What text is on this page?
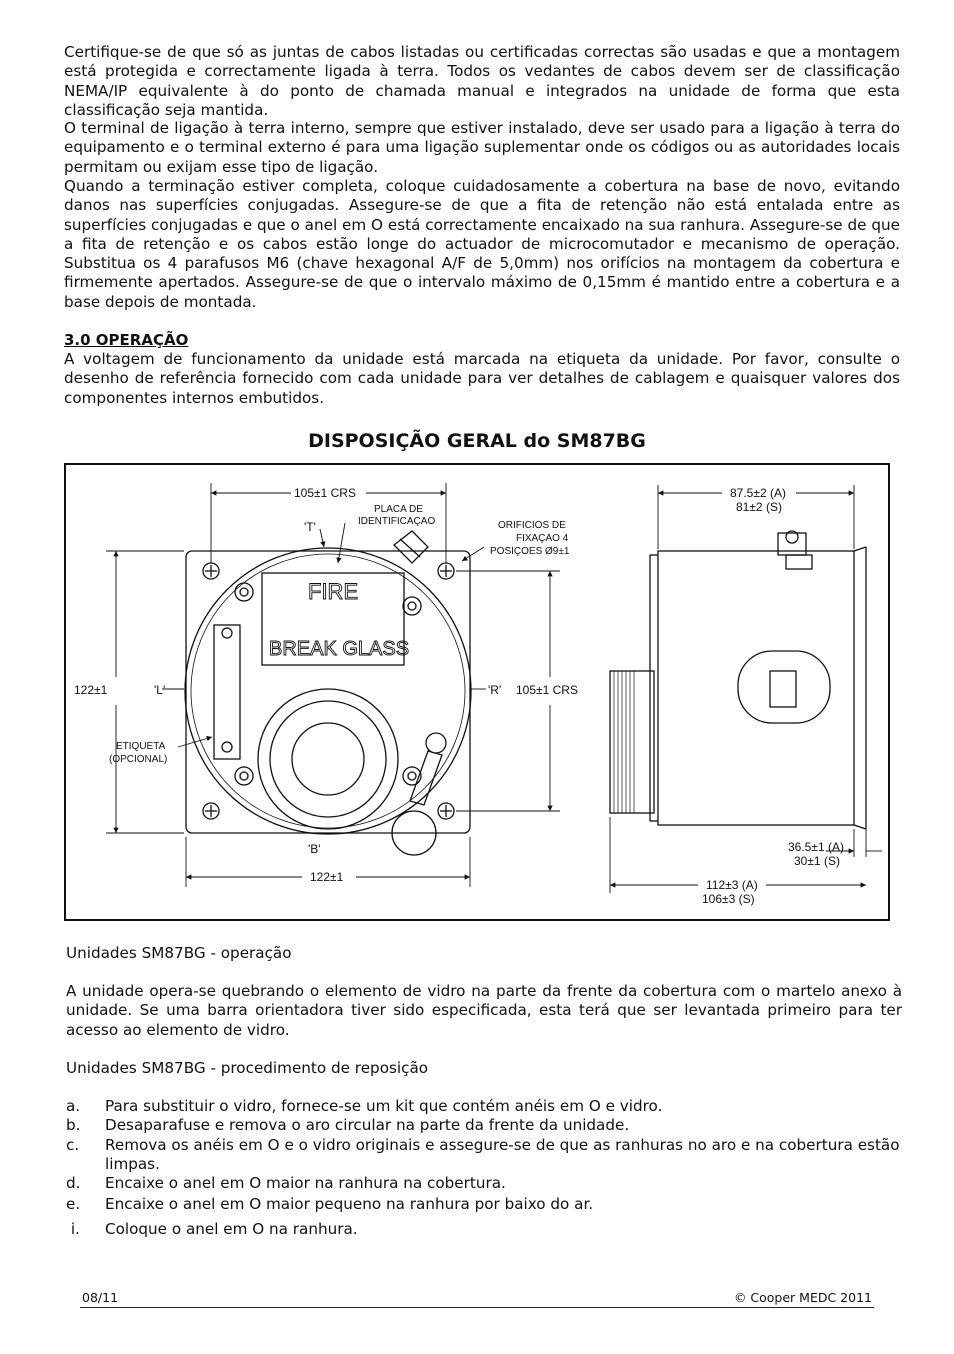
Certifique-se de que só as juntas de cabos listadas ou certificadas correctas são usadas e que a montagem está protegida e correctamente ligada à terra. Todos os vedantes de cabos devem ser de classificação NEMA/IP equivalente à do ponto de chamada manual e integrados na unidade de forma que esta classificação seja mantida.

O terminal de ligação à terra interno, sempre que estiver instalado, deve ser usado para a ligação à terra do equipamento e o terminal externo é para uma ligação suplementar onde os códigos ou as autoridades locais permitam ou exijam esse tipo de ligação.

Quando a terminação estiver completa, coloque cuidadosamente a cobertura na base de novo, evitando danos nas superfícies conjugadas. Assegure-se de que a fita de retenção não está entalada entre as superfícies conjugadas e que o anel em O está correctamente encaixado na sua ranhura. Assegure-se de que a fita de retenção e os cabos estão longe do actuador de microcomutador e mecanismo de operação. Substitua os 4 parafusos M6 (chave hexagonal A/F de 5,0mm) nos orifícios na montagem da cobertura e firmemente apertados. Assegure-se de que o intervalo máximo de 0,15mm é mantido entre a cobertura e a base depois de montada.

3.0 OPERAÇÃO

A voltagem de funcionamento da unidade está marcada na etiqueta da unidade. Por favor, consulte o desenho de referência fornecido com cada unidade para ver detalhes de cablagem e quaisquer valores dos componentes internos embutidos.

DISPOSIÇÃO GERAL do SM87BG

FIRE
BREAK GLASS
105±1 CRS
PLACA DE
IDENTIFICAÇAO	ORIFICIOS DE
FIXAÇAO 4
POSIÇOES Ø9±1
'T'
'L'	'R'
'B'
122±1	105±1 CRS
122±1
ETIQUETA
(OPCIONAL)
87.5±2 (A)
81±2 (S)
36.5±1 (A)
30±1 (S)
112±3 (A)
106±3 (S)

Unidades SM87BG - operação

A unidade opera-se quebrando o elemento de vidro na parte da frente da cobertura com o martelo anexo à unidade. Se uma barra orientadora tiver sido especificada, esta terá que ser levantada primeiro para ter acesso ao elemento de vidro.

Unidades SM87BG - procedimento de reposição

a.	Para substituir o vidro, fornece-se um kit que contém anéis em O e vidro.
b.	Desaparafuse e remova o aro circular na parte da frente da unidade.
c.	Remova os anéis em O e o vidro originais e assegure-se de que as ranhuras no aro e na cobertura estão limpas.
d.	Encaixe o anel em O maior na ranhura na cobertura.
e.	Encaixe o anel em O maior pequeno na ranhura por baixo do ar.
i.	Coloque o anel em O na ranhura.
08/11	© Cooper MEDC 2011
